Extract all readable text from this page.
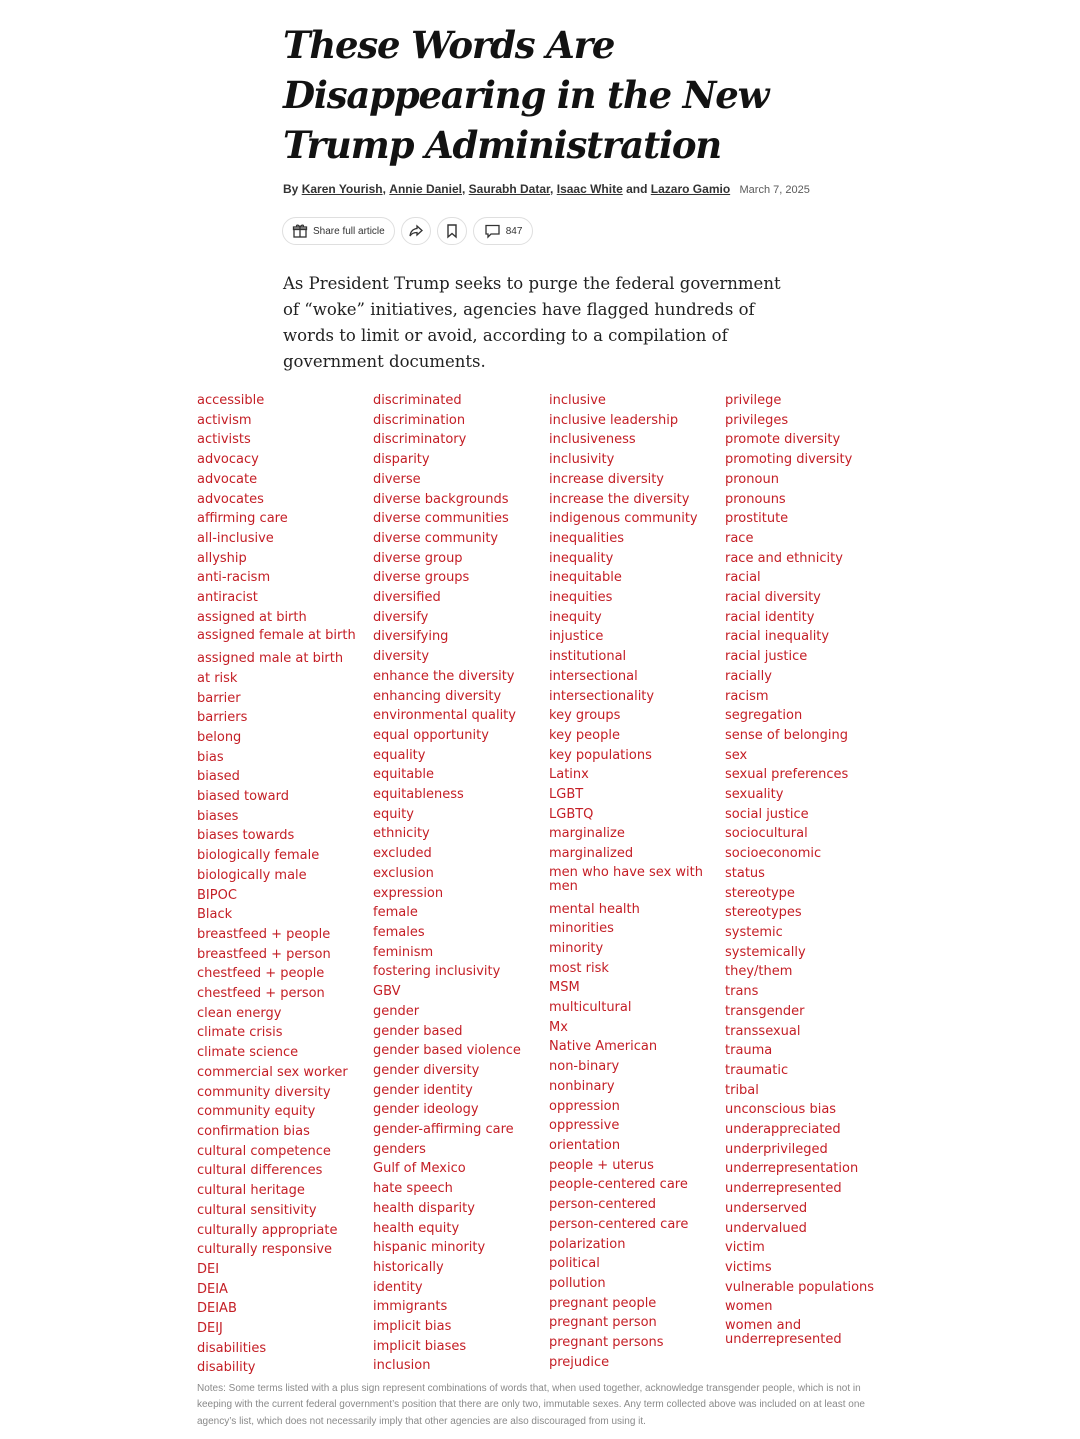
These Words Are Disappearing in the New Trump Administration
By Karen Yourish, Annie Daniel, Saurabh Datar, Isaac White and Lazaro Gamio March 7, 2025
Share full article	847

As President Trump seeks to purge the federal government of “woke” initiatives, agencies have flagged hundreds of words to limit or avoid, according to a compilation of government documents.

accessible
activism
activists
advocacy
advocate
advocates
affirming care
all-inclusive
allyship
anti-racism
antiracist
assigned at birth
assigned female at birth
assigned male at birth
at risk
barrier
barriers
belong
bias
biased
biased toward
biases
biases towards
biologically female
biologically male
BIPOC
Black
breastfeed + people
breastfeed + person
chestfeed + people
chestfeed + person
clean energy
climate crisis
climate science
commercial sex worker
community diversity
community equity
confirmation bias
cultural competence
cultural differences
cultural heritage
cultural sensitivity
culturally appropriate
culturally responsive
DEI
DEIA
DEIAB
DEIJ
disabilities
disability
discriminated
discrimination
discriminatory
disparity
diverse
diverse backgrounds
diverse communities
diverse community
diverse group
diverse groups
diversified
diversify
diversifying
diversity
enhance the diversity
enhancing diversity
environmental quality
equal opportunity
equality
equitable
equitableness
equity
ethnicity
excluded
exclusion
expression
female
females
feminism
fostering inclusivity
GBV
gender
gender based
gender based violence
gender diversity
gender identity
gender ideology
gender-affirming care
genders
Gulf of Mexico
hate speech
health disparity
health equity
hispanic minority
historically
identity
immigrants
implicit bias
implicit biases
inclusion
inclusive
inclusive leadership
inclusiveness
inclusivity
increase diversity
increase the diversity
indigenous community
inequalities
inequality
inequitable
inequities
inequity
injustice
institutional
intersectional
intersectionality
key groups
key people
key populations
Latinx
LGBT
LGBTQ
marginalize
marginalized
men who have sex with men
mental health
minorities
minority
most risk
MSM
multicultural
Mx
Native American
non-binary
nonbinary
oppression
oppressive
orientation
people + uterus
people-centered care
person-centered
person-centered care
polarization
political
pollution
pregnant people
pregnant person
pregnant persons
prejudice
privilege
privileges
promote diversity
promoting diversity
pronoun
pronouns
prostitute
race
race and ethnicity
racial
racial diversity
racial identity
racial inequality
racial justice
racially
racism
segregation
sense of belonging
sex
sexual preferences
sexuality
social justice
sociocultural
socioeconomic
status
stereotype
stereotypes
systemic
systemically
they/them
trans
transgender
transsexual
trauma
traumatic
tribal
unconscious bias
underappreciated
underprivileged
underrepresentation
underrepresented
underserved
undervalued
victim
victims
vulnerable populations
women
women and underrepresented

Notes: Some terms listed with a plus sign represent combinations of words that, when used together, acknowledge transgender people, which is not in keeping with the current federal government’s position that there are only two, immutable sexes. Any term collected above was included on at least one agency’s list, which does not necessarily imply that other agencies are also discouraged from using it.
